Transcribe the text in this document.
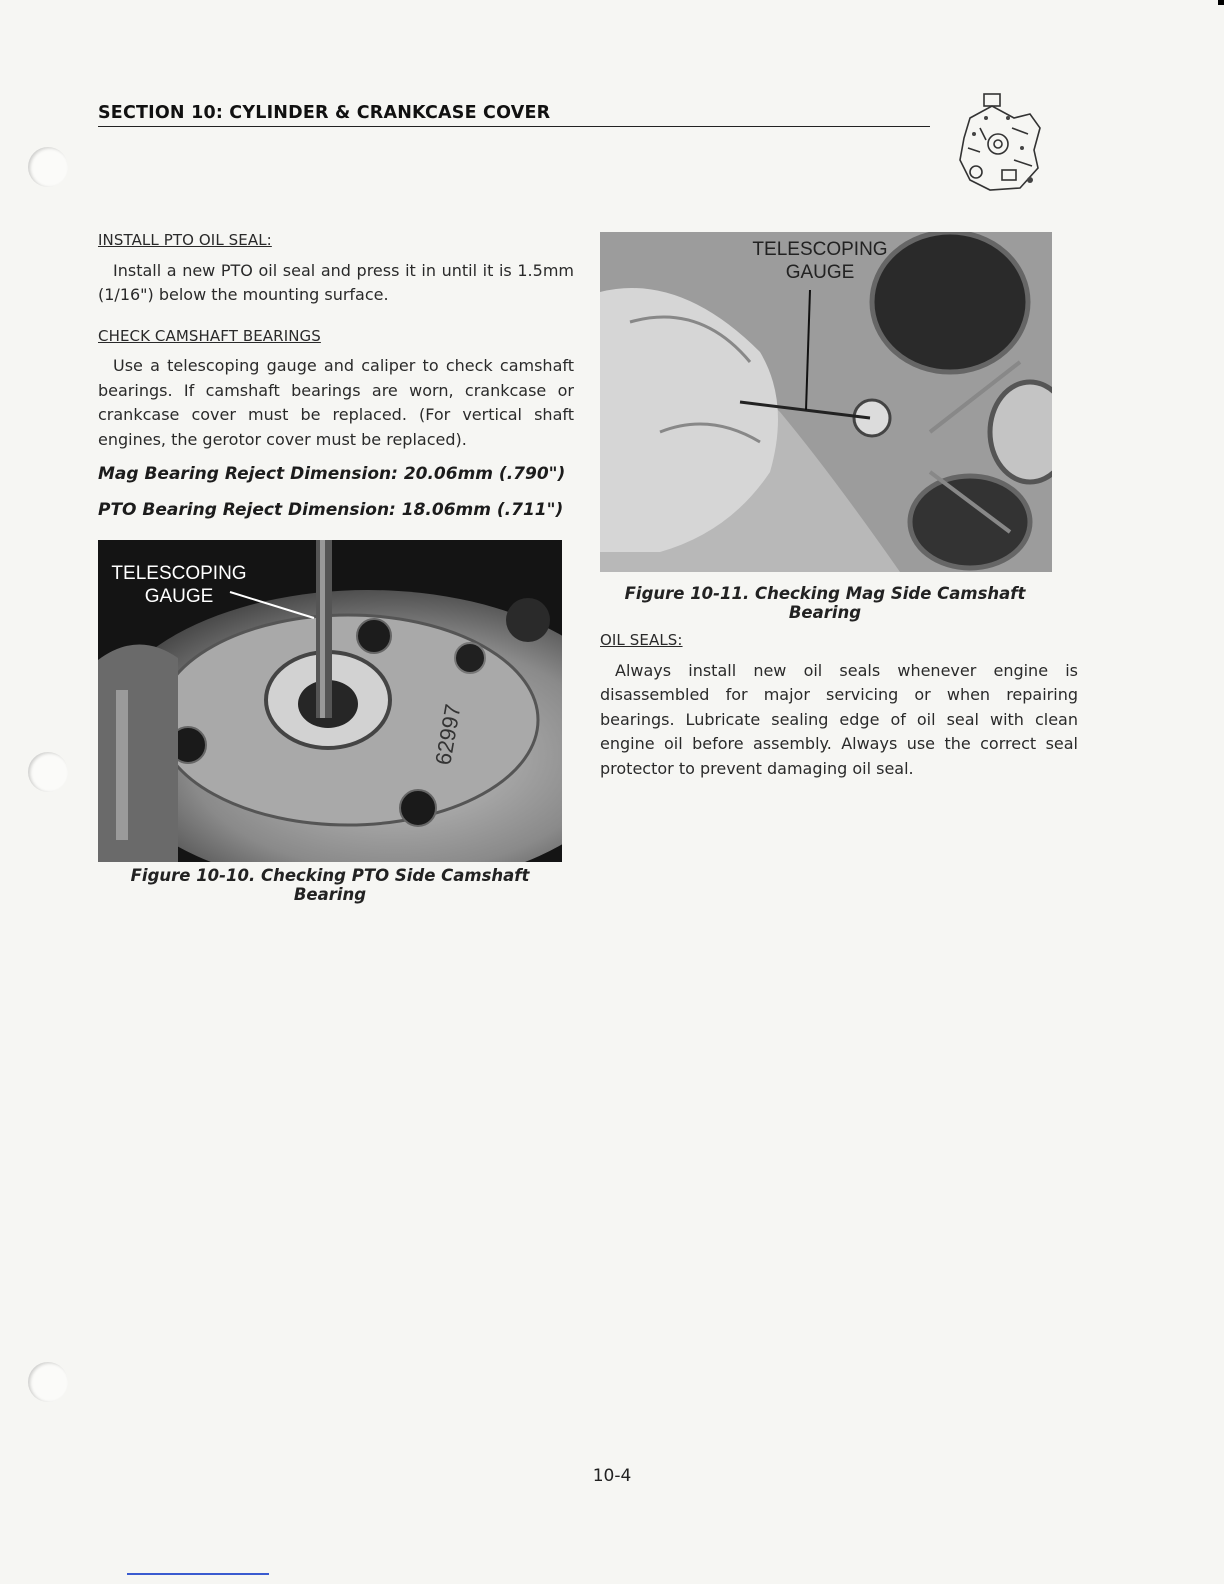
SECTION 10: CYLINDER & CRANKCASE COVER

INSTALL PTO OIL SEAL:

Install a new PTO oil seal and press it in until it is 1.5mm (1/16") below the mounting surface.

CHECK CAMSHAFT BEARINGS

Use a telescoping gauge and caliper to check camshaft bearings. If camshaft bearings are worn, crankcase or crankcase cover must be replaced. (For vertical shaft engines, the gerotor cover must be replaced).

Mag Bearing Reject Dimension: 20.06mm (.790")

PTO Bearing Reject Dimension: 18.06mm (.711")

62997
TELESCOPING
GAUGE
Figure 10-10. Checking PTO Side Camshaft Bearing
TELESCOPING
GAUGE
Figure 10-11. Checking Mag Side Camshaft Bearing

OIL SEALS:

Always install new oil seals whenever engine is disassembled for major servicing or when repairing bearings. Lubricate sealing edge of oil seal with clean engine oil before assembly. Always use the correct seal protector to prevent damaging oil seal.

10-4
